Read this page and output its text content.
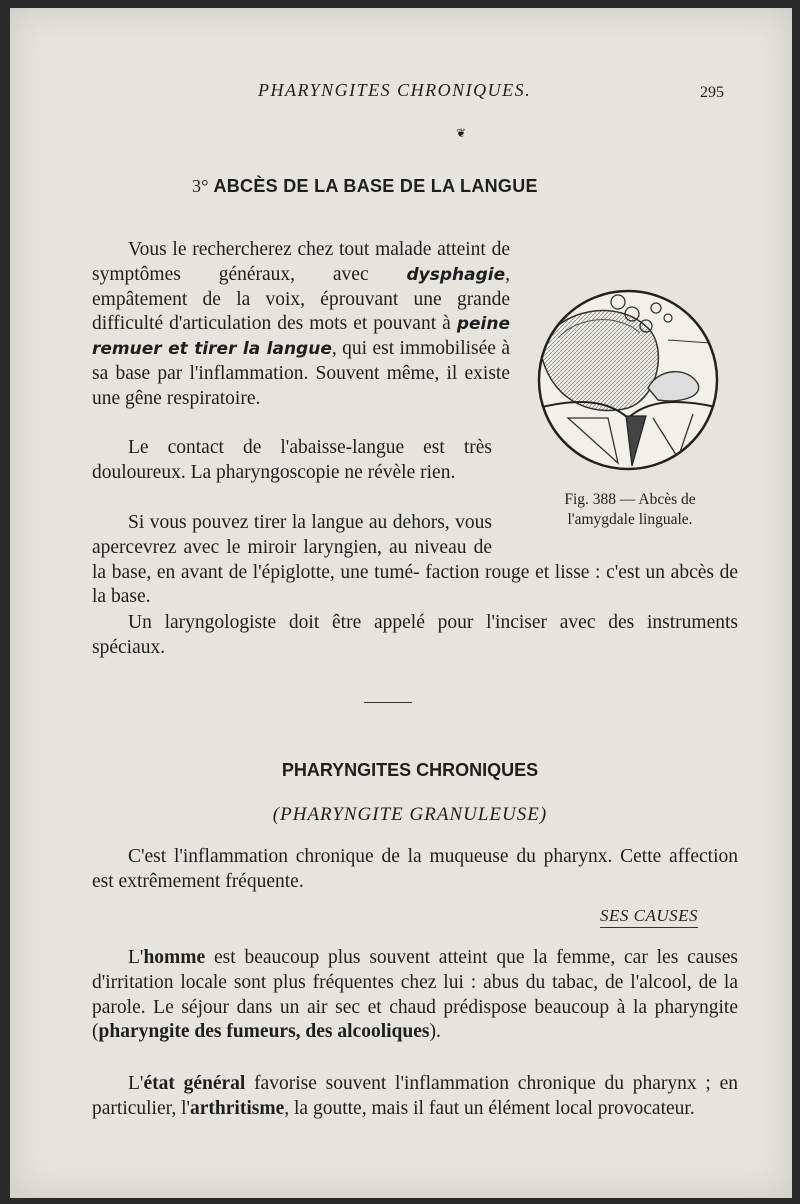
PHARYNGITES CHRONIQUES.	295
❦
3° ABCÈS DE LA BASE DE LA LANGUE

Vous le rechercherez chez tout malade atteint de symptômes généraux, avec dysphagie, empâtement de la voix, éprouvant une grande difficulté d'articulation des mots et pouvant à peine remuer et tirer la langue, qui est immobilisée à sa base par l'inflammation. Souvent même, il existe une gêne respiratoire.

Le contact de l'abaisse-langue est très douloureux. La pharyngoscopie ne révèle rien.

Si vous pouvez tirer la langue au dehors, vous apercevrez avec le miroir laryngien, au niveau de la base, en avant de l'épiglotte, une tumé- faction rouge et lisse : c'est un abcès de la base.

Un laryngologiste doit être appelé pour l'inciser avec des instruments spéciaux.

Fig. 388 — Abcès de
l'amygdale linguale.
PHARYNGITES CHRONIQUES
(PHARYNGITE GRANULEUSE)

C'est l'inflammation chronique de la muqueuse du pharynx. Cette affection est extrêmement fréquente.

SES CAUSES

L'homme est beaucoup plus souvent atteint que la femme, car les causes d'irritation locale sont plus fréquentes chez lui : abus du tabac, de l'alcool, de la parole. Le séjour dans un air sec et chaud prédispose beaucoup à la pharyngite (pharyngite des fumeurs, des alcooliques).

L'état général favorise souvent l'inflammation chronique du pharynx ; en particulier, l'arthritisme, la goutte, mais il faut un élément local provocateur.
